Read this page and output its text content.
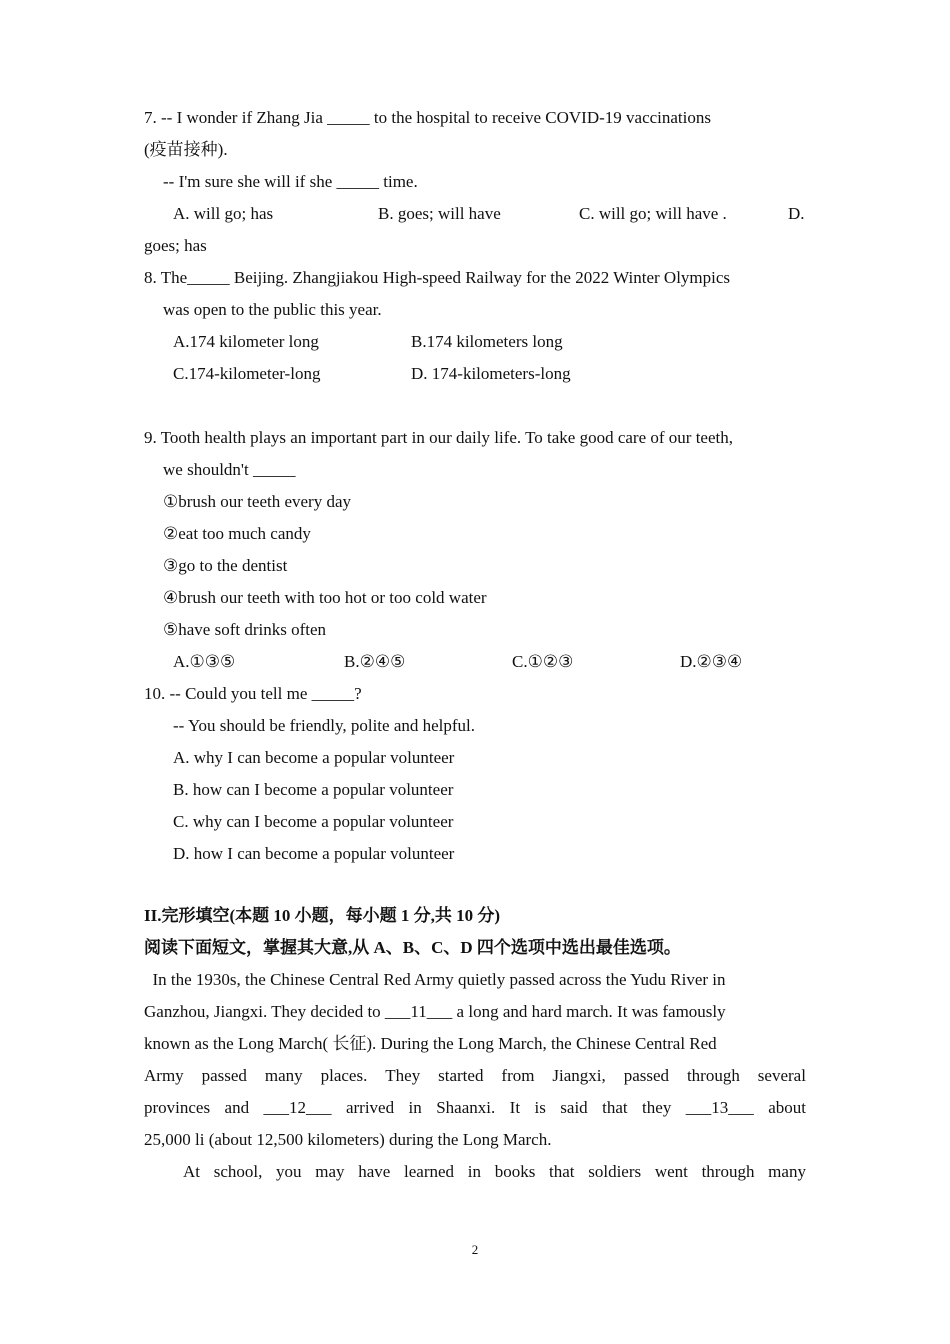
7. -- I wonder if Zhang Jia _____ to the hospital to receive COVID-19 vaccinations
(疫苗接种).
-- I'm sure she will if she _____ time.
A. will go; has	B. goes; will have	C. will go; will have .	D.
goes; has
8. The_____ Beijing. Zhangjiakou High-speed Railway for the 2022 Winter Olympics
was open to the public this year.
A.174 kilometer long	B.174 kilometers long
C.174-kilometer-long	D. 174-kilometers-long
9. Tooth health plays an important part in our daily life. To take good care of our teeth,
we shouldn't _____
①brush our teeth every day
②eat too much candy
③go to the dentist
④brush our teeth with too hot or too cold water
⑤have soft drinks often
A.①③⑤	B.②④⑤	C.①②③	D.②③④
10. -- Could you tell me _____?
-- You should be friendly, polite and helpful.
A. why I can become a popular volunteer
B. how can I become a popular volunteer
C. why can I become a popular volunteer
D. how I can become a popular volunteer
II.完形填空(本题 10 小题，每小题 1 分,共 10 分)
阅读下面短文，掌握其大意,从 A、B、C、D 四个选项中选出最佳选项。
In the 1930s, the Chinese Central Red Army quietly passed across the Yudu River in
Ganzhou, Jiangxi. They decided to ___11___ a long and hard march. It was famously
known as the Long March( 长征). During the Long March, the Chinese Central Red
Army passed many places. They started from Jiangxi, passed through several
provinces and ___12___ arrived in Shaanxi. It is said that they ___13___ about
25,000 li (about 12,500 kilometers) during the Long March.
At school, you may have learned in books that soldiers went through many
2
